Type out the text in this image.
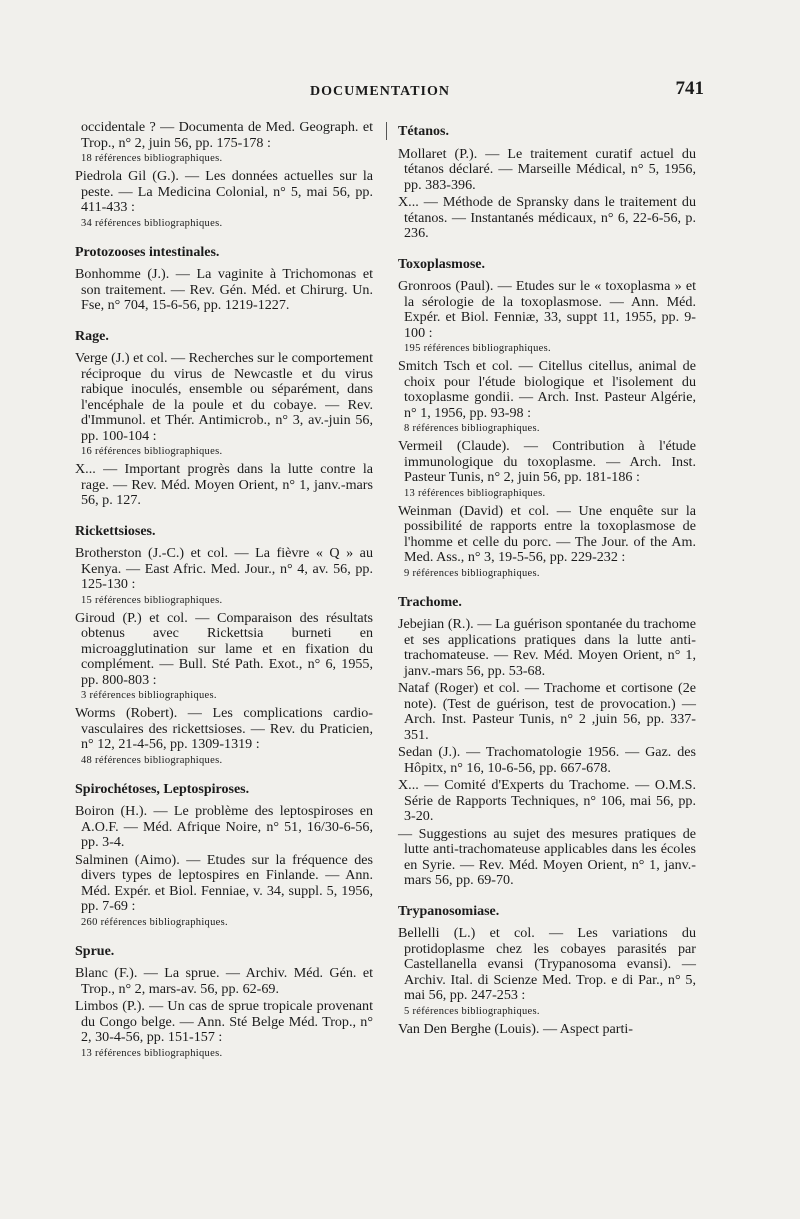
DOCUMENTATION	741
occidentale ? — Documenta de Med. Geograph. et Trop., n° 2, juin 56, pp. 175-178 :
18 références bibliographiques.
Piedrola Gil (G.). — Les données actuelles sur la peste. — La Medicina Colonial, n° 5, mai 56, pp. 411-433 :
34 références bibliographiques.
Protozooses intestinales.
Bonhomme (J.). — La vaginite à Trichomonas et son traitement. — Rev. Gén. Méd. et Chirurg. Un. Fse, n° 704, 15-6-56, pp. 1219-1227.
Rage.
Verge (J.) et col. — Recherches sur le comportement réciproque du virus de Newcastle et du virus rabique inoculés, ensemble ou séparément, dans l'encéphale de la poule et du cobaye. — Rev. d'Immunol. et Thér. Antimicrob., n° 3, av.-juin 56, pp. 100-104 :
16 références bibliographiques.
X... — Important progrès dans la lutte contre la rage. — Rev. Méd. Moyen Orient, n° 1, janv.-mars 56, p. 127.
Rickettsioses.
Brotherston (J.-C.) et col. — La fièvre « Q » au Kenya. — East Afric. Med. Jour., n° 4, av. 56, pp. 125-130 :
15 références bibliographiques.
Giroud (P.) et col. — Comparaison des résultats obtenus avec Rickettsia burneti en microagglutination sur lame et en fixation du complément. — Bull. Sté Path. Exot., n° 6, 1955, pp. 800-803 :
3 références bibliographiques.
Worms (Robert). — Les complications cardio-vasculaires des rickettsioses. — Rev. du Praticien, n° 12, 21-4-56, pp. 1309-1319 :
48 références bibliographiques.
Spirochétoses, Leptospiroses.
Boiron (H.). — Le problème des leptospiroses en A.O.F. — Méd. Afrique Noire, n° 51, 16/30-6-56, pp. 3-4.
Salminen (Aimo). — Etudes sur la fréquence des divers types de leptospires en Finlande. — Ann. Méd. Expér. et Biol. Fenniae, v. 34, suppl. 5, 1956, pp. 7-69 :
260 références bibliographiques.
Sprue.
Blanc (F.). — La sprue. — Archiv. Méd. Gén. et Trop., n° 2, mars-av. 56, pp. 62-69.
Limbos (P.). — Un cas de sprue tropicale provenant du Congo belge. — Ann. Sté Belge Méd. Trop., n° 2, 30-4-56, pp. 151-157 :
13 références bibliographiques.
Tétanos.
Mollaret (P.). — Le traitement curatif actuel du tétanos déclaré. — Marseille Médical, n° 5, 1956, pp. 383-396.
X... — Méthode de Spransky dans le traitement du tétanos. — Instantanés médicaux, n° 6, 22-6-56, p. 236.
Toxoplasmose.
Gronroos (Paul). — Etudes sur le « toxoplasma » et la sérologie de la toxoplasmose. — Ann. Méd. Expér. et Biol. Fenniæ, 33, suppt 11, 1955, pp. 9-100 :
195 références bibliographiques.
Smitch Tsch et col. — Citellus citellus, animal de choix pour l'étude biologique et l'isolement du toxoplasme gondii. — Arch. Inst. Pasteur Algérie, n° 1, 1956, pp. 93-98 :
8 références bibliographiques.
Vermeil (Claude). — Contribution à l'étude immunologique du toxoplasme. — Arch. Inst. Pasteur Tunis, n° 2, juin 56, pp. 181-186 :
13 références bibliographiques.
Weinman (David) et col. — Une enquête sur la possibilité de rapports entre la toxoplasmose de l'homme et celle du porc. — The Jour. of the Am. Med. Ass., n° 3, 19-5-56, pp. 229-232 :
9 références bibliographiques.
Trachome.
Jebejian (R.). — La guérison spontanée du trachome et ses applications pratiques dans la lutte anti-trachomateuse. — Rev. Méd. Moyen Orient, n° 1, janv.-mars 56, pp. 53-68.
Nataf (Roger) et col. — Trachome et cortisone (2e note). (Test de guérison, test de provocation.) — Arch. Inst. Pasteur Tunis, n° 2 ,juin 56, pp. 337-351.
Sedan (J.). — Trachomatologie 1956. — Gaz. des Hôpitx, n° 16, 10-6-56, pp. 667-678.
X... — Comité d'Experts du Trachome. — O.M.S. Série de Rapports Techniques, n° 106, mai 56, pp. 3-20.
— Suggestions au sujet des mesures pratiques de lutte anti-trachomateuse applicables dans les écoles en Syrie. — Rev. Méd. Moyen Orient, n° 1, janv.-mars 56, pp. 69-70.
Trypanosomiase.
Bellelli (L.) et col. — Les variations du protidoplasme chez les cobayes parasités par Castellanella evansi (Trypanosoma evansi). — Archiv. Ital. di Scienze Med. Trop. e di Par., n° 5, mai 56, pp. 247-253 :
5 références bibliographiques.
Van Den Berghe (Louis). — Aspect parti-
